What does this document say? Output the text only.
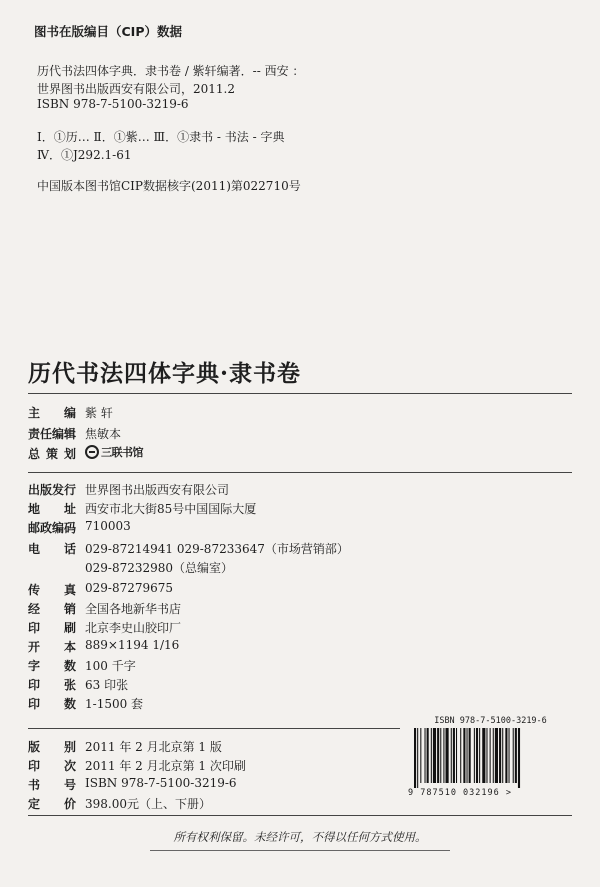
图书在版编目（CIP）数据
历代书法四体字典．隶书卷 / 紫轩编著．-- 西安 ：
世界图书出版西安有限公司，2011.2
ISBN 978-7-5100-3219-6
Ⅰ．①历… Ⅱ．①紫… Ⅲ．①隶书 - 书法 - 字典
Ⅳ．①J292.1-61
中国版本图书馆CIP数据核字(2011)第022710号
历代书法四体字典·隶书卷
主 编 紫 轩
责任编辑 焦敏本
总 策 划 三联书馆
出版发行 世界图书出版西安有限公司
地 址 西安市北大街85号中国国际大厦
邮政编码 710003
电 话 029-87214941 029-87233647（市场营销部）
029-87232980（总编室）
传 真 029-87279675
经 销 全国各地新华书店
印 刷 北京李史山胶印厂
开 本 889×1194 1/16
字 数 100 千字
印 张 63 印张
印 数 1-1500 套
ISBN 978-7-5100-3219-6
9 787510 032196 >
版 别 2011 年 2 月北京第 1 版
印 次 2011 年 2 月北京第 1 次印刷
书 号 ISBN 978-7-5100-3219-6
定 价 398.00元（上、下册）
所有权利保留。未经许可，不得以任何方式使用。
